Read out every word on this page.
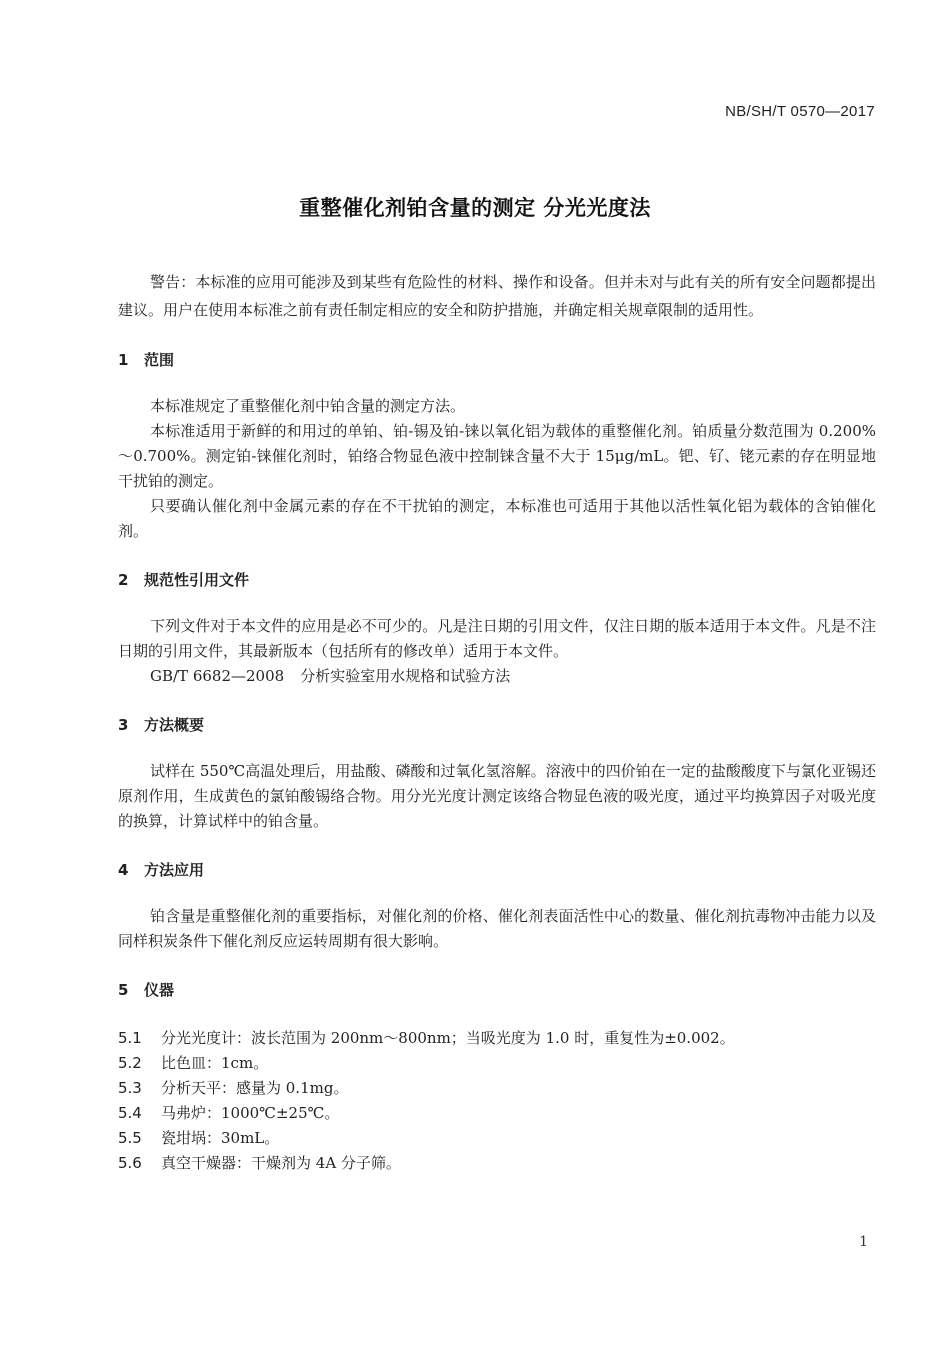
NB/SH/T 0570—2017
重整催化剂铂含量的测定 分光光度法

警告：本标准的应用可能涉及到某些有危险性的材料、操作和设备。但并未对与此有关的所有安全问题都提出建议。用户在使用本标准之前有责任制定相应的安全和防护措施，并确定相关规章限制的适用性。

1 范围

本标准规定了重整催化剂中铂含量的测定方法。

本标准适用于新鲜的和用过的单铂、铂-锡及铂-铼以氧化铝为载体的重整催化剂。铂质量分数范围为 0.200%～0.700%。测定铂-铼催化剂时，铂络合物显色液中控制铼含量不大于 15μg/mL。钯、钌、铑元素的存在明显地干扰铂的测定。

只要确认催化剂中金属元素的存在不干扰铂的测定，本标准也可适用于其他以活性氧化铝为载体的含铂催化剂。

2 规范性引用文件

下列文件对于本文件的应用是必不可少的。凡是注日期的引用文件，仅注日期的版本适用于本文件。凡是不注日期的引用文件，其最新版本（包括所有的修改单）适用于本文件。

GB/T 6682—2008 分析实验室用水规格和试验方法

3 方法概要

试样在 550℃高温处理后，用盐酸、磷酸和过氧化氢溶解。溶液中的四价铂在一定的盐酸酸度下与氯化亚锡还原剂作用，生成黄色的氯铂酸锡络合物。用分光光度计测定该络合物显色液的吸光度，通过平均换算因子对吸光度的换算，计算试样中的铂含量。

4 方法应用

铂含量是重整催化剂的重要指标，对催化剂的价格、催化剂表面活性中心的数量、催化剂抗毒物冲击能力以及同样积炭条件下催化剂反应运转周期有很大影响。

5 仪器

5.1 分光光度计：波长范围为 200nm～800nm；当吸光度为 1.0 时，重复性为±0.002。

5.2 比色皿：1cm。

5.3 分析天平：感量为 0.1mg。

5.4 马弗炉：1000℃±25℃。

5.5 瓷坩埚：30mL。

5.6 真空干燥器：干燥剂为 4A 分子筛。

1
